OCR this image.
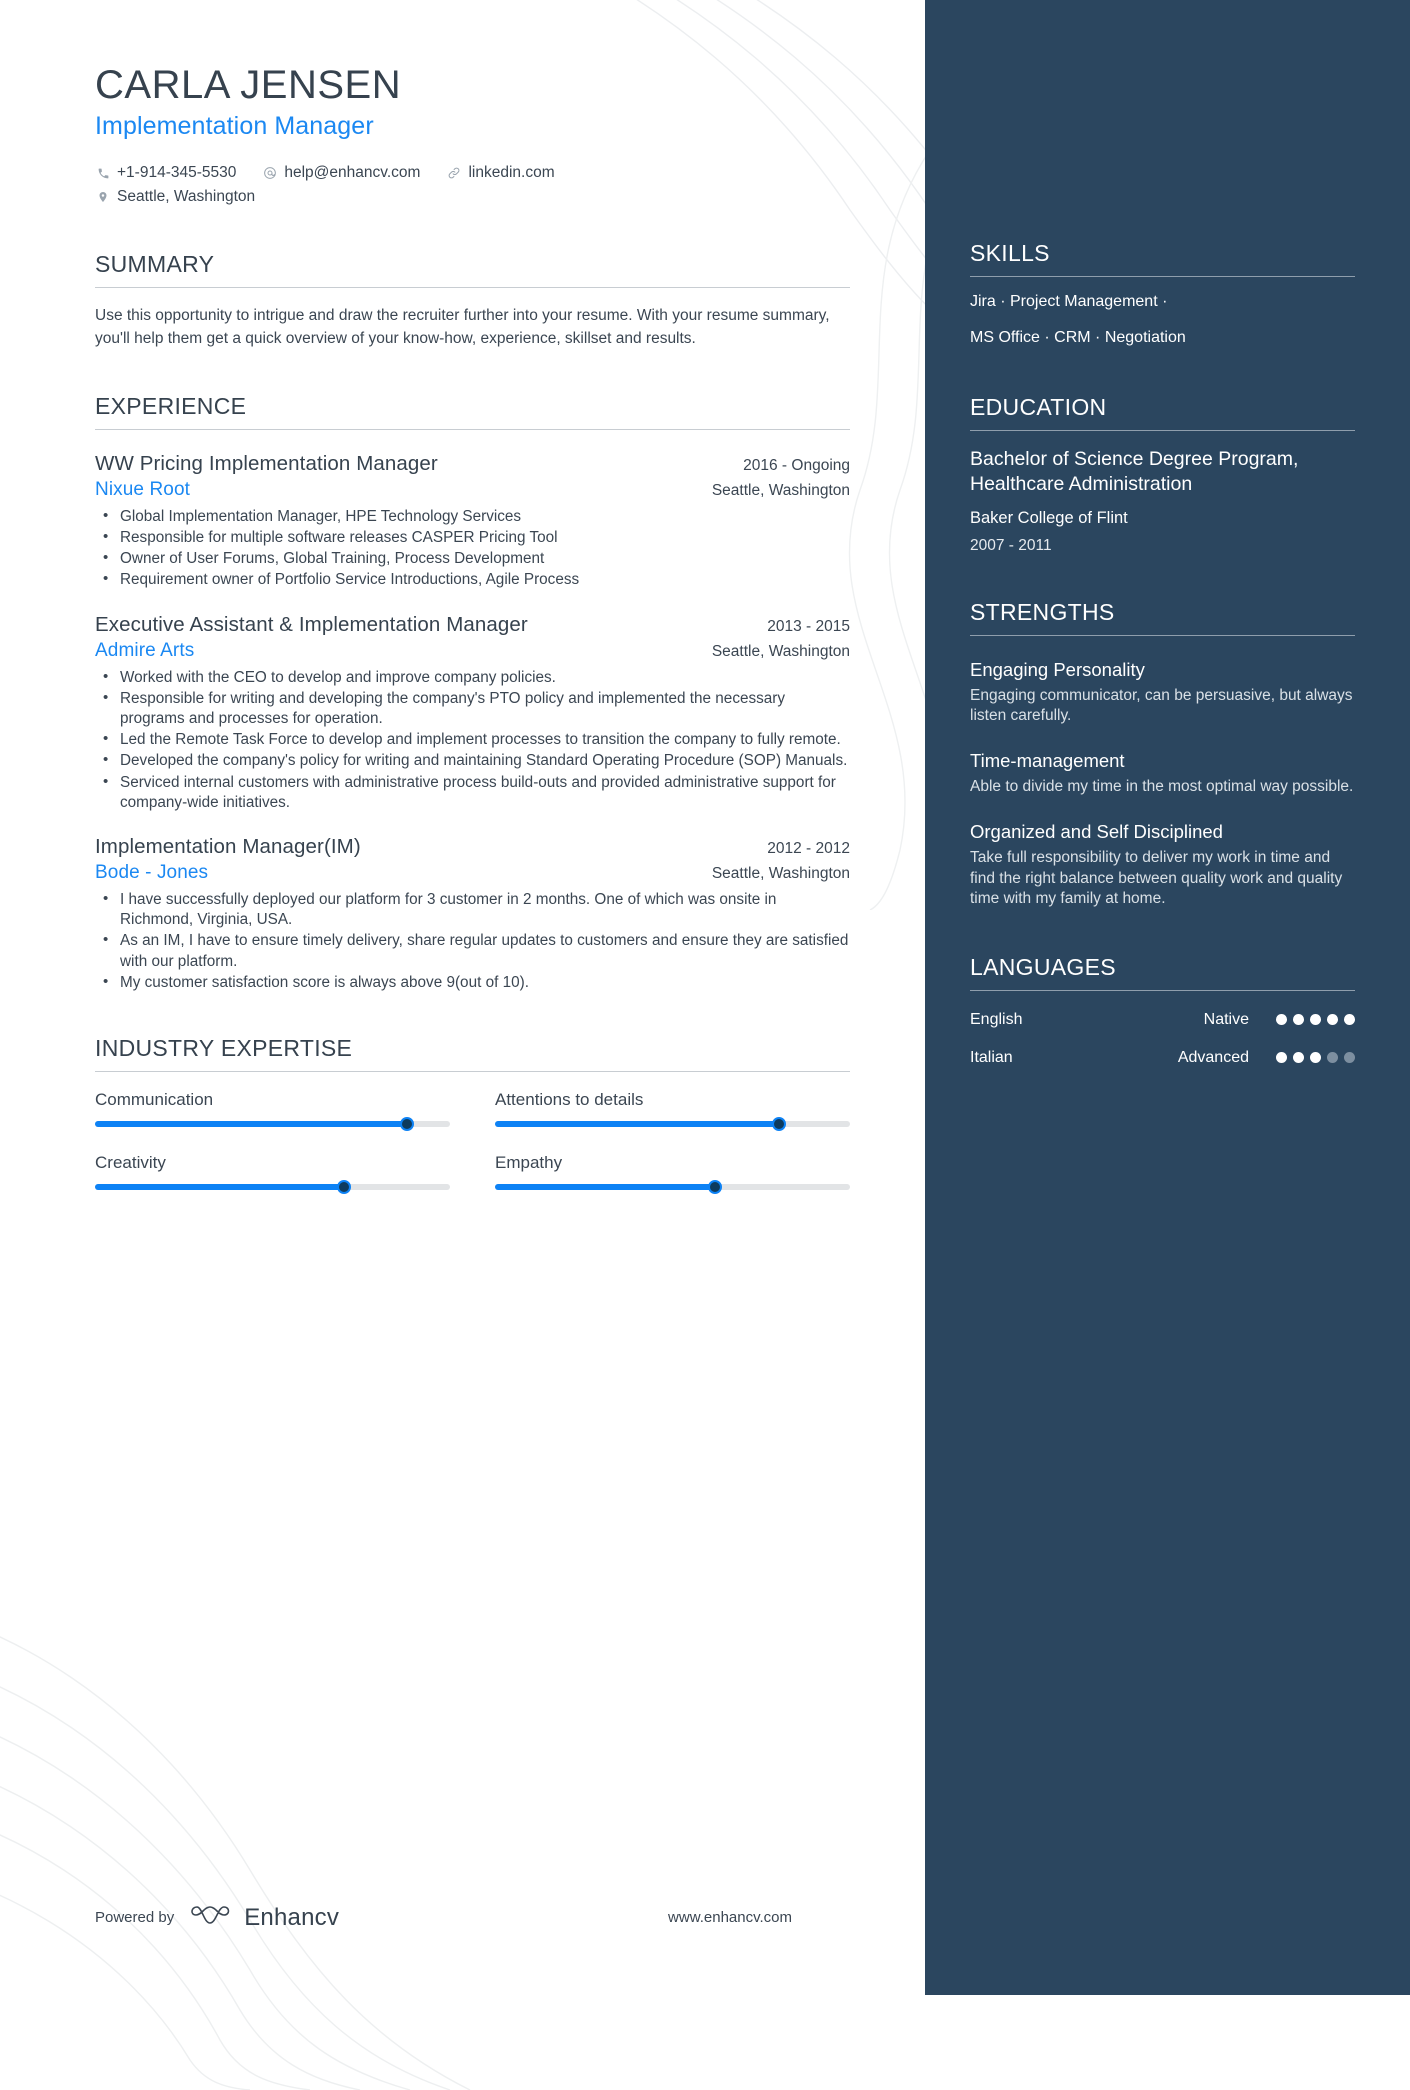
CARLA JENSEN
Implementation Manager
+1-914-345-5530	help@enhancv.com	linkedin.com
Seattle, Washington
SUMMARY
Use this opportunity to intrigue and draw the recruiter further into your resume. With your resume summary, you'll help them get a quick overview of your know-how, experience, skillset and results.
EXPERIENCE
WW Pricing Implementation Manager	2016 - Ongoing
Nixue Root	Seattle, Washington
• Global Implementation Manager, HPE Technology Services
• Responsible for multiple software releases CASPER Pricing Tool
• Owner of User Forums, Global Training, Process Development
• Requirement owner of Portfolio Service Introductions, Agile Process
Executive Assistant & Implementation Manager	2013 - 2015
Admire Arts	Seattle, Washington
• Worked with the CEO to develop and improve company policies.
• Responsible for writing and developing the company's PTO policy and implemented the necessary programs and processes for operation.
• Led the Remote Task Force to develop and implement processes to transition the company to fully remote.
• Developed the company's policy for writing and maintaining Standard Operating Procedure (SOP) Manuals.
• Serviced internal customers with administrative process build-outs and provided administrative support for company-wide initiatives.
Implementation Manager(IM)	2012 - 2012
Bode - Jones	Seattle, Washington
• I have successfully deployed our platform for 3 customer in 2 months. One of which was onsite in Richmond, Virginia, USA.
• As an IM, I have to ensure timely delivery, share regular updates to customers and ensure they are satisfied with our platform.
• My customer satisfaction score is always above 9(out of 10).
INDUSTRY EXPERTISE
Communication	Attentions to details
Creativity	Empathy
Powered by	Enhancv	www.enhancv.com
SKILLS
Jira · Project Management ·
MS Office · CRM · Negotiation
EDUCATION
Bachelor of Science Degree Program, Healthcare Administration
Baker College of Flint
2007 - 2011
STRENGTHS
Engaging Personality
Engaging communicator, can be persuasive, but always listen carefully.
Time-management
Able to divide my time in the most optimal way possible.
Organized and Self Disciplined
Take full responsibility to deliver my work in time and find the right balance between quality work and quality time with my family at home.
LANGUAGES
English	Native
Italian	Advanced
